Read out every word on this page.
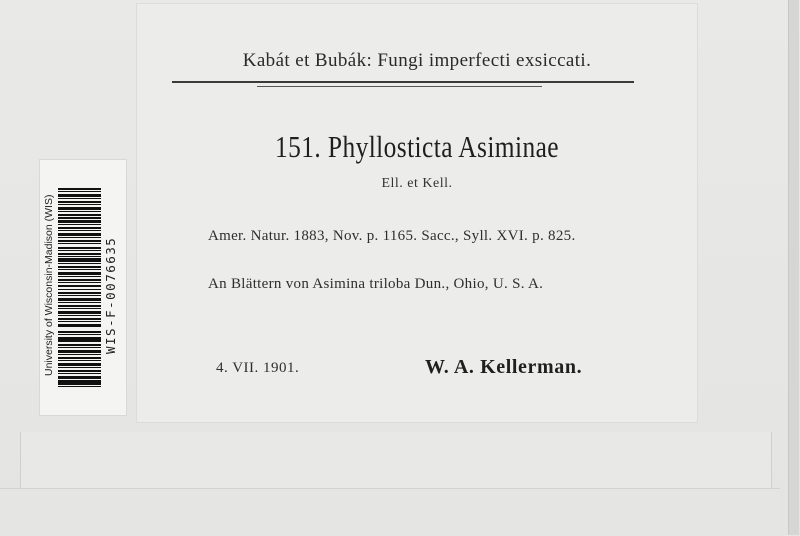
Kabát et Bubák: Fungi imperfecti exsiccati.
151. Phyllosticta Asiminae
Ell. et Kell.
Amer. Natur. 1883, Nov. p. 1165. Sacc., Syll. XVI. p. 825.
An Blättern von Asimina triloba Dun., Ohio, U. S. A.
4. VII. 1901.	W. A. Kellerman.
University of Wisconsin-Madison (WIS)	WIS-F-0076635
